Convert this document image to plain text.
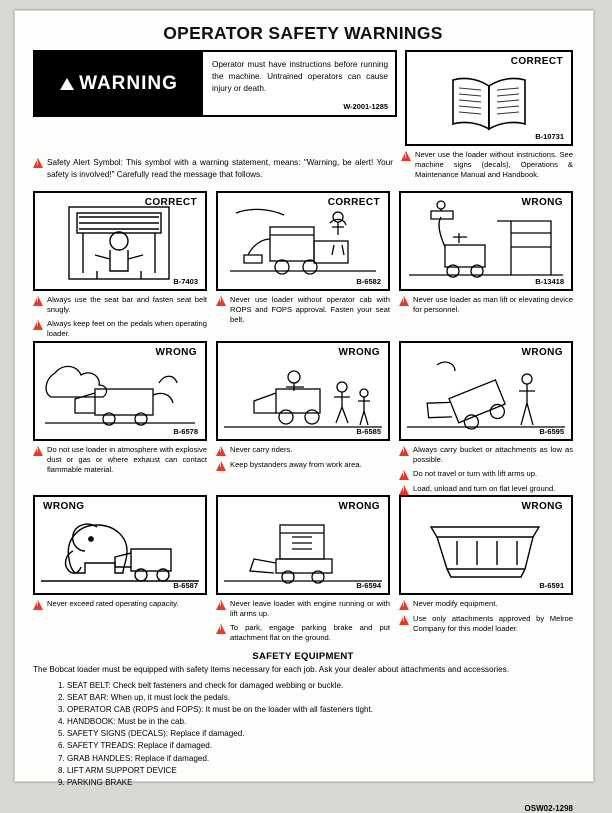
OPERATOR SAFETY WARNINGS
WARNING
Operator must have instructions before running the machine. Untrained operators can cause injury or death.
W-2001-1285
CORRECT
B-10731
!

Safety Alert Symbol: This symbol with a warning statement, means: "Warning, be alert! Your safety is involved!" Carefully read the message that follows.

!

Never use the loader without instructions. See machine signs (decals), Operations & Maintenance Manual and Handbook.

CORRECT
B-7403
!

Always use the seat bar and fasten seat belt snugly.

!

Always keep feet on the pedals when operating loader.

CORRECT
B-6582
!

Never use loader without operator cab with ROPS and FOPS approval. Fasten your seat belt.

WRONG
B-13418
!

Never use loader as man lift or elevating device for personnel.

WRONG
B-6578
!

Do not use loader in atmosphere with explosive dust or gas or where exhaust can contact flammable material.

WRONG
B-6585
!

Never carry riders.

!

Keep bystanders away from work area.

WRONG
B-6595
!

Always carry bucket or attachments as low as possible.

!

Do not travel or turn with lift arms up.

!

Load, unload and turn on flat level ground.

WRONG
B-6587
!

Never exceed rated operating capacity.

WRONG
B-6594
!

Never leave loader with engine running or with lift arms up.

!

To park, engage parking brake and put attachment flat on the ground.

WRONG
B-6591
!

Never modify equipment.

!

Use only attachments approved by Melroe Company for this model loader.

SAFETY EQUIPMENT

The Bobcat loader must be equipped with safety items necessary for each job. Ask your dealer about attachments and accessories.

1. SEAT BELT: Check belt fasteners and check for damaged webbing or buckle.
2. SEAT BAR: When up, it must lock the pedals.
3. OPERATOR CAB (ROPS and FOPS): It must be on the loader with all fasteners tight.
4. HANDBOOK: Must be in the cab.
5. SAFETY SIGNS (DECALS): Replace if damaged.
6. SAFETY TREADS: Replace if damaged.
7. GRAB HANDLES: Replace if damaged.
8. LIFT ARM SUPPORT DEVICE
9. PARKING BRAKE
OSW02-1298
